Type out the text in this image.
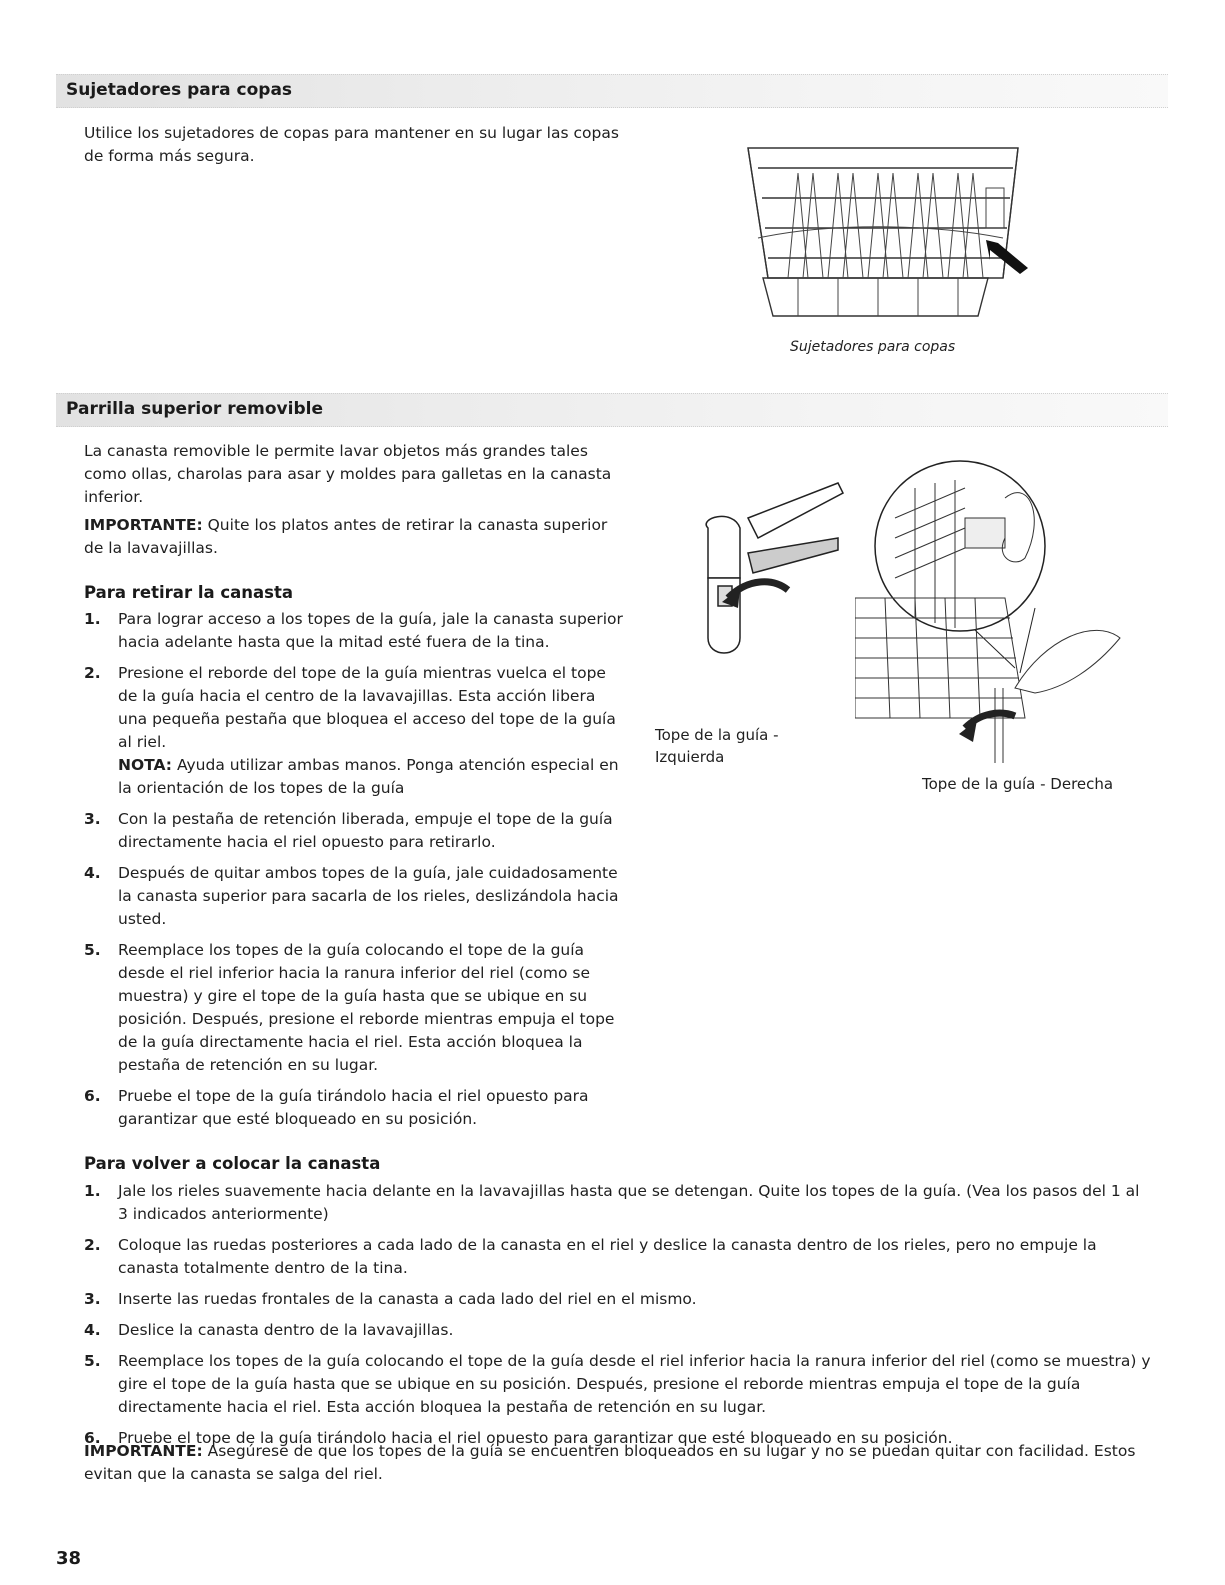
Sujetadores para copas

Utilice los sujetadores de copas para mantener en su lugar las copas de forma más segura.

Sujetadores para copas

Parrilla superior removible

La canasta removible le permite lavar objetos más grandes tales como ollas, charolas para asar y moldes para galletas en la canasta inferior.

IMPORTANTE: Quite los platos antes de retirar la canasta superior de la lavavajillas.

Para retirar la canasta
1. Para lograr acceso a los topes de la guía, jale la canasta superior hacia adelante hasta que la mitad esté fuera de la tina.
2. Presione el reborde del tope de la guía mientras vuelca el tope de la guía hacia el centro de la lavavajillas. Esta acción libera una pequeña pestaña que bloquea el acceso del tope de la guía al riel.
NOTA: Ayuda utilizar ambas manos. Ponga atención especial en la orientación de los topes de la guía
3. Con la pestaña de retención liberada, empuje el tope de la guía directamente hacia el riel opuesto para retirarlo.
4. Después de quitar ambos topes de la guía, jale cuidadosamente la canasta superior para sacarla de los rieles, deslizándola hacia usted.
5. Reemplace los topes de la guía colocando el tope de la guía desde el riel inferior hacia la ranura inferior del riel (como se muestra) y gire el tope de la guía hasta que se ubique en su posición. Después, presione el reborde mientras empuja el tope de la guía directamente hacia el riel. Esta acción bloquea la pestaña de retención en su lugar.
6. Pruebe el tope de la guía tirándolo hacia el riel opuesto para garantizar que esté bloqueado en su posición.

Tope de la guía -
Izquierda

Tope de la guía - Derecha

Para volver a colocar la canasta
1. Jale los rieles suavemente hacia delante en la lavavajillas hasta que se detengan. Quite los topes de la guía. (Vea los pasos del 1 al 3 indicados anteriormente)
2. Coloque las ruedas posteriores a cada lado de la canasta en el riel y deslice la canasta dentro de los rieles, pero no empuje la canasta totalmente dentro de la tina.
3. Inserte las ruedas frontales de la canasta a cada lado del riel en el mismo.
4. Deslice la canasta dentro de la lavavajillas.
5. Reemplace los topes de la guía colocando el tope de la guía desde el riel inferior hacia la ranura inferior del riel (como se muestra) y gire el tope de la guía hasta que se ubique en su posición. Después, presione el reborde mientras empuja el tope de la guía directamente hacia el riel. Esta acción bloquea la pestaña de retención en su lugar.
6. Pruebe el tope de la guía tirándolo hacia el riel opuesto para garantizar que esté bloqueado en su posición.

IMPORTANTE: Asegúrese de que los topes de la guía se encuentren bloqueados en su lugar y no se puedan quitar con facilidad. Estos evitan que la canasta se salga del riel.

38
